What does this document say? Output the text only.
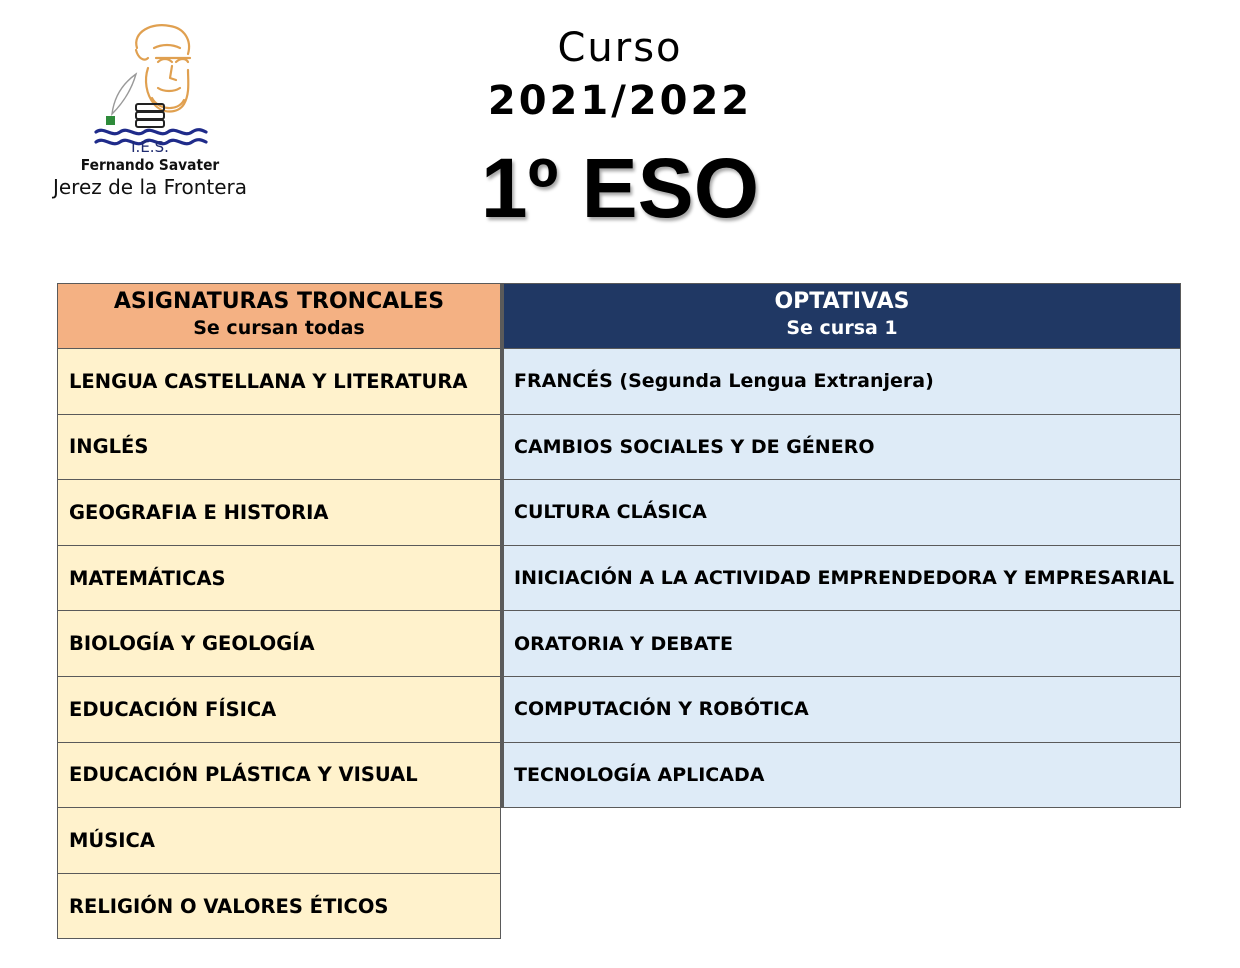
I.E.S.
Fernando Savater
Jerez de la Frontera
Curso
2021/2022
1º ESO
ASIGNATURAS TRONCALES
Se cursan todas
LENGUA CASTELLANA Y LITERATURA
INGLÉS
GEOGRAFIA E HISTORIA
MATEMÁTICAS
BIOLOGÍA Y GEOLOGÍA
EDUCACIÓN FÍSICA
EDUCACIÓN PLÁSTICA Y VISUAL
MÚSICA
RELIGIÓN O VALORES ÉTICOS
OPTATIVAS
Se cursa 1
FRANCÉS (Segunda Lengua Extranjera)
CAMBIOS SOCIALES Y DE GÉNERO
CULTURA CLÁSICA
INICIACIÓN A LA ACTIVIDAD EMPRENDEDORA Y EMPRESARIAL
ORATORIA Y DEBATE
COMPUTACIÓN Y ROBÓTICA
TECNOLOGÍA APLICADA
